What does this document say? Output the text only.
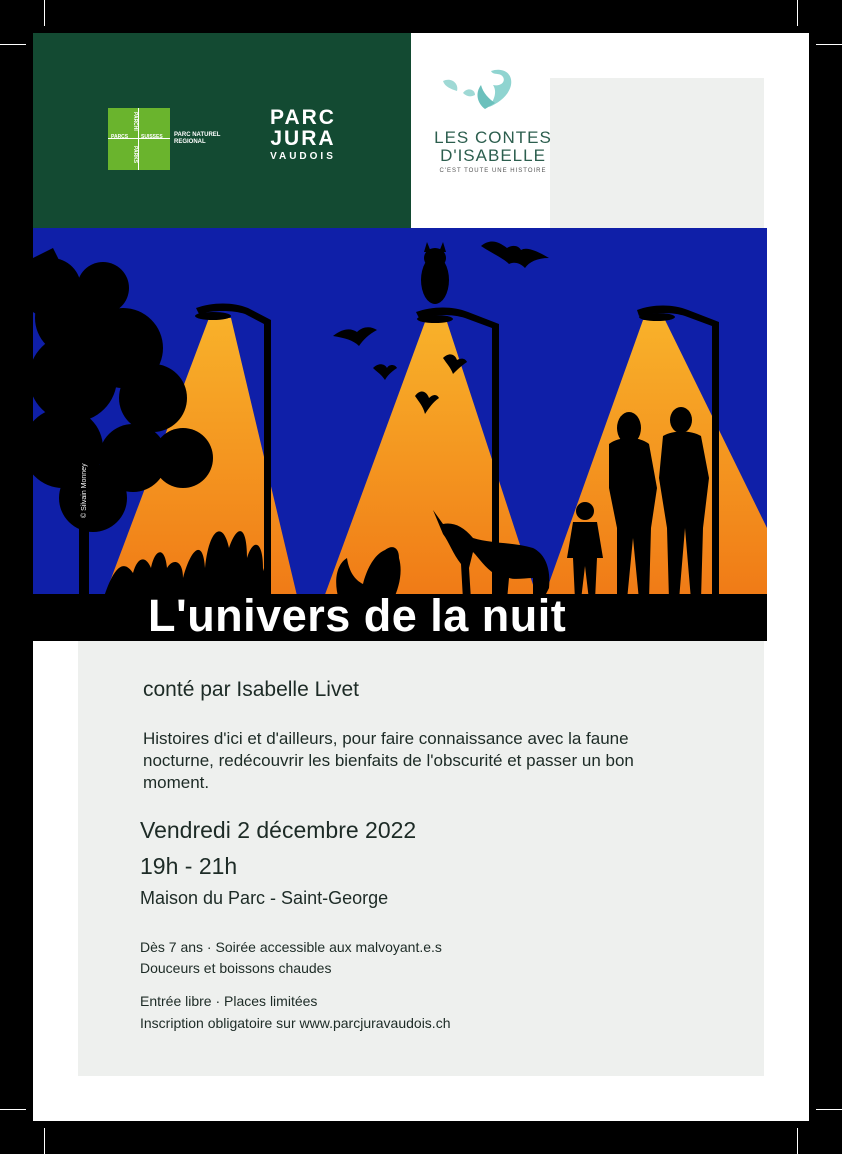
PARCS	SUISSES
PARCHI
PARKS
PARC NATUREL
REGIONAL
PARC
JURA
VAUDOIS
LES CONTES
D'ISABELLE
C'EST TOUTE UNE HISTOIRE
© Silvain Monney
conté par Isabelle Livet
Histoires d'ici et d'ailleurs, pour faire connaissance avec la faune nocturne, redécouvrir les bienfaits de l'obscurité et passer un bon moment.
Vendredi 2 décembre 2022
19h - 21h
Maison du Parc - Saint-George
Dès 7 ans · Soirée accessible aux malvoyant.e.s
Douceurs et boissons chaudes
Entrée libre · Places limitées
Inscription obligatoire sur www.parcjuravaudois.ch
L'univers de la nuit
